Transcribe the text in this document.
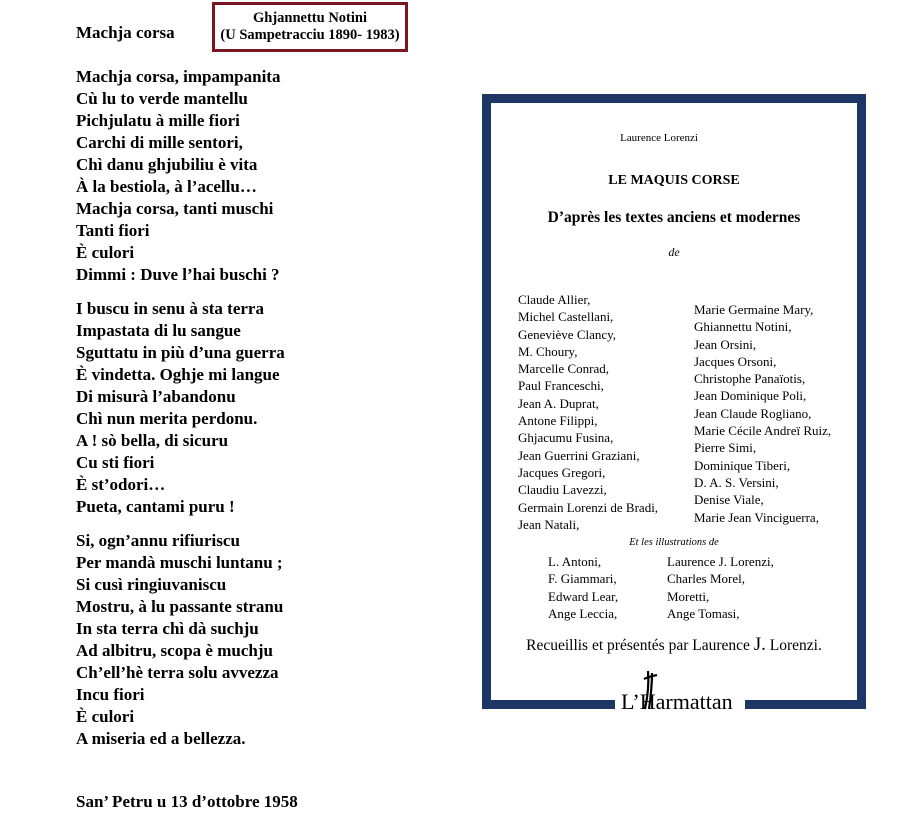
Machja corsa
Ghjannettu Notini
(U Sampetracciu 1890- 1983)
Machja corsa, impampanita
Cù lu to verde mantellu
Pichjulatu à mille fiori
Carchi di mille sentori,
Chì danu ghjubiliu è vita
À la bestiola, à l’acellu…
Machja corsa, tanti muschi
Tanti fiori
È culori
Dimmi : Duve l’hai buschi ?
I buscu in senu à sta terra
Impastata di lu sangue
Sguttatu in più d’una guerra
È vindetta. Oghje mi langue
Di misurà l’abandonu
Chì nun merita perdonu.
A ! sò bella, di sicuru
Cu sti fiori
È st’odori…
Pueta, cantami puru !
Si, ogn’annu rifiuriscu
Per mandà muschi luntanu ;
Si cusì ringiuvaniscu
Mostru, à lu passante stranu
In sta terra chì dà suchju
Ad albitru, scopa è muchju
Ch’ell’hè terra solu avvezza
Incu fiori
È culori
A miseria ed a bellezza.
San’ Petru u 13 d’ottobre 1958
Laurence Lorenzi
LE MAQUIS CORSE
D’après les textes anciens et modernes
de
Claude Allier,
Michel Castellani,
Geneviève Clancy,
M. Choury,
Marcelle Conrad,
Paul Franceschi,
Jean A. Duprat,
Antone Filippi,
Ghjacumu Fusina,
Jean Guerrini Graziani,
Jacques Gregori,
Claudiu Lavezzi,
Germain Lorenzi de Bradi,
Jean Natali,
Marie Germaine Mary,
Ghiannettu Notini,
Jean Orsini,
Jacques Orsoni,
Christophe Panaïotis,
Jean Dominique Poli,
Jean Claude Rogliano,
Marie Cécile Andreï Ruiz,
Pierre Simi,
Dominique Tiberi,
D. A. S. Versini,
Denise Viale,
Marie Jean Vinciguerra,
Et les illustrations de
L. Antoni,
F. Giammari,
Edward Lear,
Ange Leccia,
Laurence J. Lorenzi,
Charles Morel,
Moretti,
Ange Tomasi,
Recueillis et présentés par Laurence J. Lorenzi.
L’Harmattan
